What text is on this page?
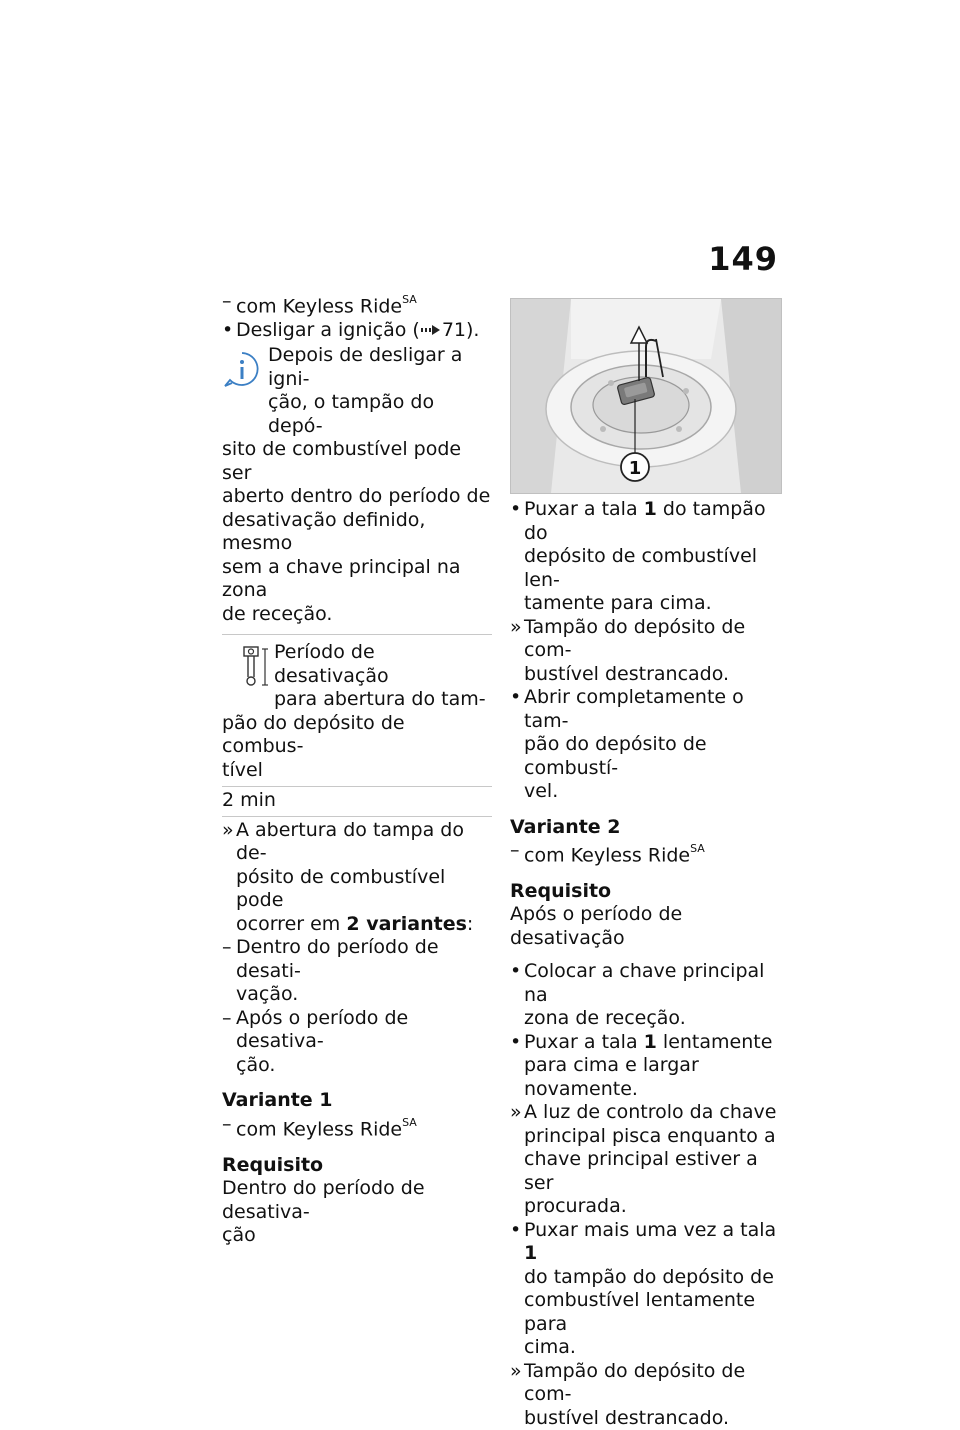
149
– com Keyless Ride$^{SA}$
• Desligar a ignição ( 71).
Depois de desligar a igni-
ção, o tampão do depó-
sito de combustível pode ser
aberto dentro do período de
desativação definido, mesmo
sem a chave principal na zona
de receção.
Período de desativação
para abertura do tam-
pão do depósito de combus-
tível
2 min
» A abertura do tampa do de-
pósito de combustível pode
ocorrer em 2 variantes:
– Dentro do período de desati-
vação.
– Após o período de desativa-
ção.
Variante 1
– com Keyless Ride$^{SA}$
Requisito
Dentro do período de desativa-
ção
1
• Puxar a tala 1 do tampão do
depósito de combustível len-
tamente para cima.
» Tampão do depósito de com-
bustível destrancado.
• Abrir completamente o tam-
pão do depósito de combustí-
vel.
Variante 2
– com Keyless Ride$^{SA}$
Requisito
Após o período de desativação
• Colocar a chave principal na
zona de receção.
• Puxar a tala 1 lentamente
para cima e largar novamente.
» A luz de controlo da chave
principal pisca enquanto a
chave principal estiver a ser
procurada.
• Puxar mais uma vez a tala 1
do tampão do depósito de
combustível lentamente para
cima.
» Tampão do depósito de com-
bustível destrancado.
